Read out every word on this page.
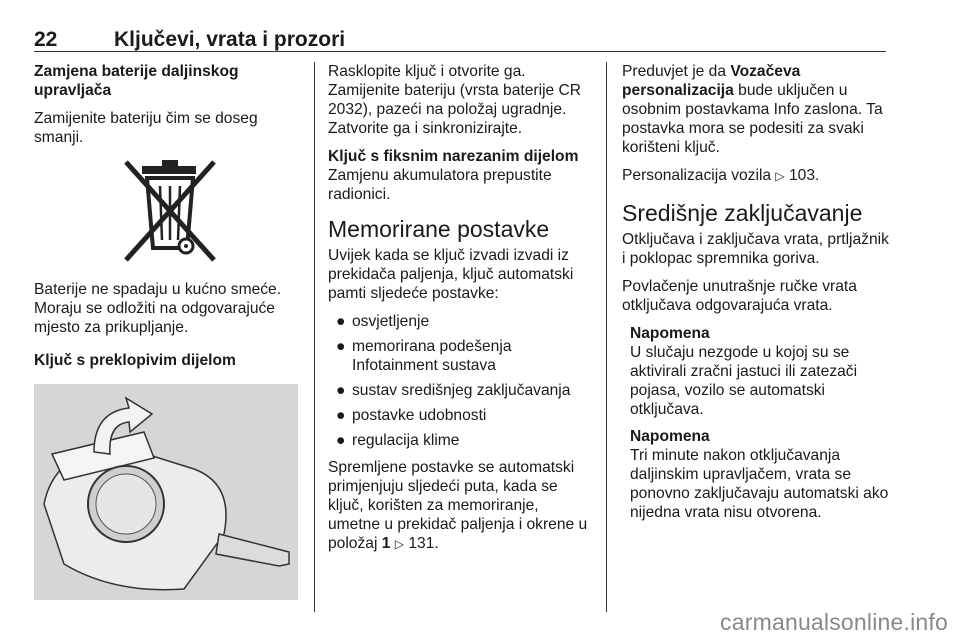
22	Ključevi, vrata i prozori
Zamjena baterije daljinskog upravljača

Zamijenite bateriju čim se doseg smanji.

Baterije ne spadaju u kućno smeće. Moraju se odložiti na odgovarajuće mjesto za prikupljanje.

Ključ s preklopivim dijelom

Rasklopite ključ i otvorite ga. Zamijenite bateriju (vrsta baterije CR 2032), pazeći na položaj ugradnje. Zatvorite ga i sinkronizirajte.

Ključ s fiksnim narezanim dijelom

Zamjenu akumulatora prepustite radionici.

Memorirane postavke

Uvijek kada se ključ izvadi izvadi iz prekidača paljenja, ključ automatski pamti sljedeće postavke:

● osvjetljenje
● memorirana podešenja Infotainment sustava
● sustav središnjeg zaključavanja
● postavke udobnosti
● regulacija klime

Spremljene postavke se automatski primjenjuju sljedeći puta, kada se ključ, korišten za memoriranje, umetne u prekidač paljenja i okrene u položaj 1 ▷ 131.

Preduvjet je da Vozačeva personalizacija bude uključen u osobnim postavkama Info zaslona. Ta postavka mora se podesiti za svaki korišteni ključ.

Personalizacija vozila ▷ 103.

Središnje zaključavanje

Otključava i zaključava vrata, prtljažnik i poklopac spremnika goriva.

Povlačenje unutrašnje ručke vrata otključava odgovarajuća vrata.

Napomena
U slučaju nezgode u kojoj su se aktivirali zračni jastuci ili zatezači pojasa, vozilo se automatski otključava.
Napomena
Tri minute nakon otključavanja daljinskim upravljačem, vrata se ponovno zaključavaju automatski ako nijedna vrata nisu otvorena.
carmanualsonline.info
